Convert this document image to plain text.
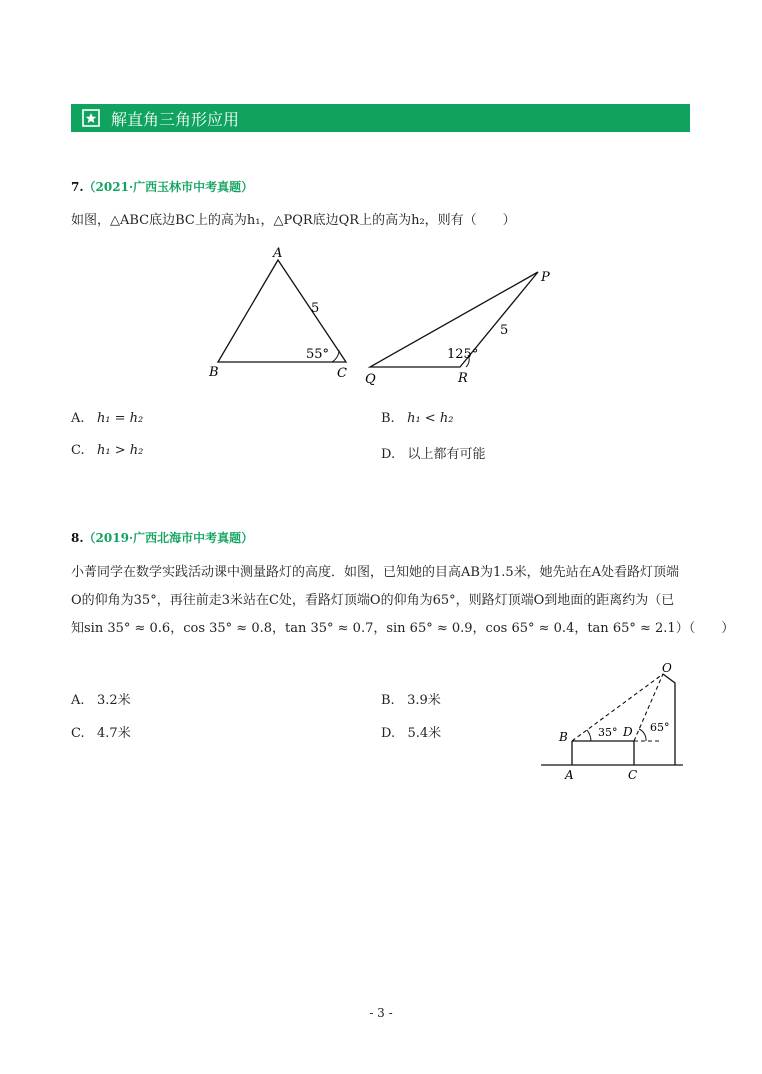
解直角三角形应用
7.（2021·广西玉林市中考真题）
如图，△ABC底边BC上的高为h₁，△PQR底边QR上的高为h₂，则有（　　）
A
B	C
5
55°
P
Q	R
5
125°
A. h₁ = h₂	B. h₁ < h₂
C. h₁ > h₂	D. 以上都有可能
8.（2019·广西北海市中考真题）
小菁同学在数学实践活动课中测量路灯的高度．如图，已知她的目高AB为1.5米，她先站在A处看路灯顶端
O的仰角为35°，再往前走3米站在C处，看路灯顶端O的仰角为65°，则路灯顶端O到地面的距离约为（已
知sin 35° ≈ 0.6，cos 35° ≈ 0.8，tan 35° ≈ 0.7，sin 65° ≈ 0.9，cos 65° ≈ 0.4，tan 65° ≈ 2.1）（　　）
A. 3.2米	B. 3.9米
C. 4.7米	D. 5.4米
O
B	D
A	C
35°	65°
- 3 -
